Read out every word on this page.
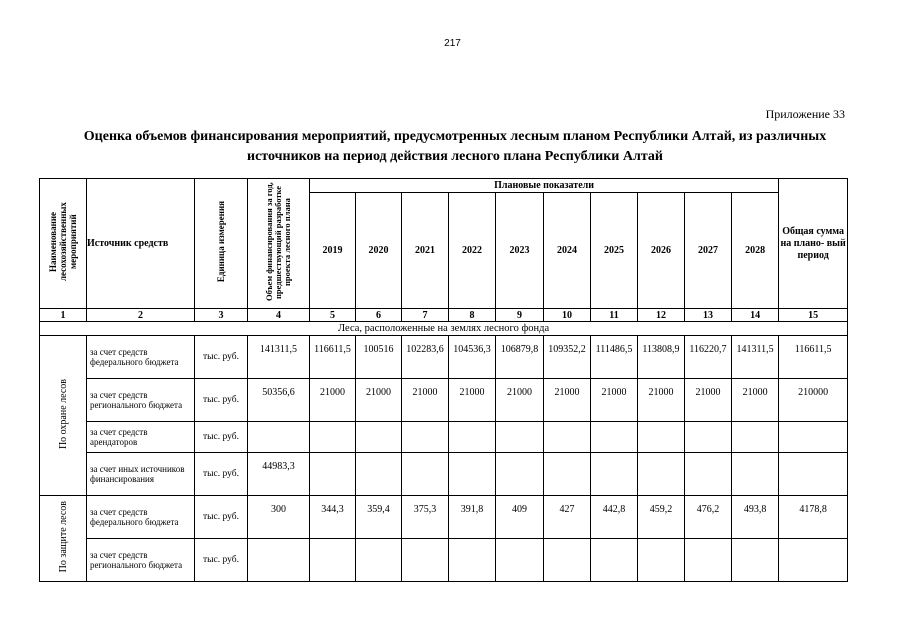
217
Приложение 33
Оценка объемов финансирования мероприятий, предусмотренных лесным планом Республики Алтай, из различных источников на период действия лесного плана Республики Алтай
Наименование лесохозяйственных мероприятий	Источник средств	Единица измерения	Объем финансирования за год, предшествующий разработке проекта лесного плана	Плановые показатели										Общая сумма на плано- вый период
				2019	2020	2021	2022	2023	2024	2025	2026	2027	2028	
1	2	3	4	5	6	7	8	9	10	11	12	13	14	15
Леса, расположенные на землях лесного фонда														
По охране лесов	за счет средств федерального бюджета	тыс. руб.	141311,5	116611,5	100516	102283,6	104536,3	106879,8	109352,2	111486,5	113808,9	116220,7	141311,5	116611,5
	за счет средств регионального бюджета	тыс. руб.	50356,6	21000	21000	21000	21000	21000	21000	21000	21000	21000	21000	210000
	за счет средств арендаторов	тыс. руб.												
	за счет иных источников финансирования	тыс. руб.	44983,3											
По защите лесов	за счет средств федерального бюджета	тыс. руб.	300	344,3	359,4	375,3	391,8	409	427	442,8	459,2	476,2	493,8	4178,8
	за счет средств регионального бюджета	тыс. руб.												
